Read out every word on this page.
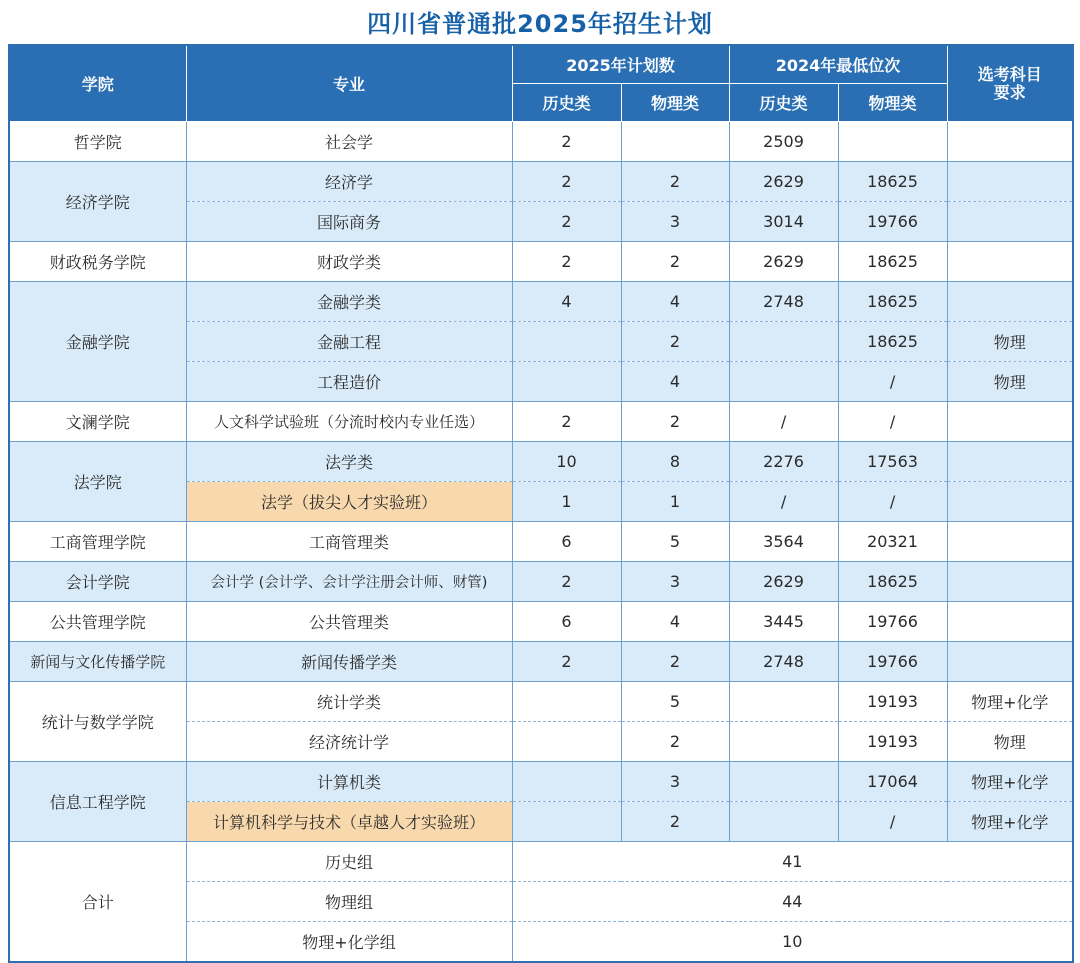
四川省普通批2025年招生计划
学院	专业	2025年计划数		2024年最低位次		选考科目
要求
		历史类	物理类	历史类	物理类	
哲学院	社会学	2		2509		
经济学院	经济学	2	2	2629	18625	
	国际商务	2	3	3014	19766	
财政税务学院	财政学类	2	2	2629	18625	
金融学院	金融学类	4	4	2748	18625	
	金融工程		2		18625	物理
	工程造价		4		/	物理
文澜学院	人文科学试验班（分流时校内专业任选）	2	2	/	/	
法学院	法学类	10	8	2276	17563	
	法学（拔尖人才实验班）	1	1	/	/	
工商管理学院	工商管理类	6	5	3564	20321	
会计学院	会计学 (会计学、会计学注册会计师、财管)	2	3	2629	18625	
公共管理学院	公共管理类	6	4	3445	19766	
新闻与文化传播学院	新闻传播学类	2	2	2748	19766	
统计与数学学院	统计学类		5		19193	物理+化学
	经济统计学		2		19193	物理
信息工程学院	计算机类		3		17064	物理+化学
	计算机科学与技术（卓越人才实验班）		2		/	物理+化学
合计	历史组	41				
	物理组	44				
	物理+化学组	10				
